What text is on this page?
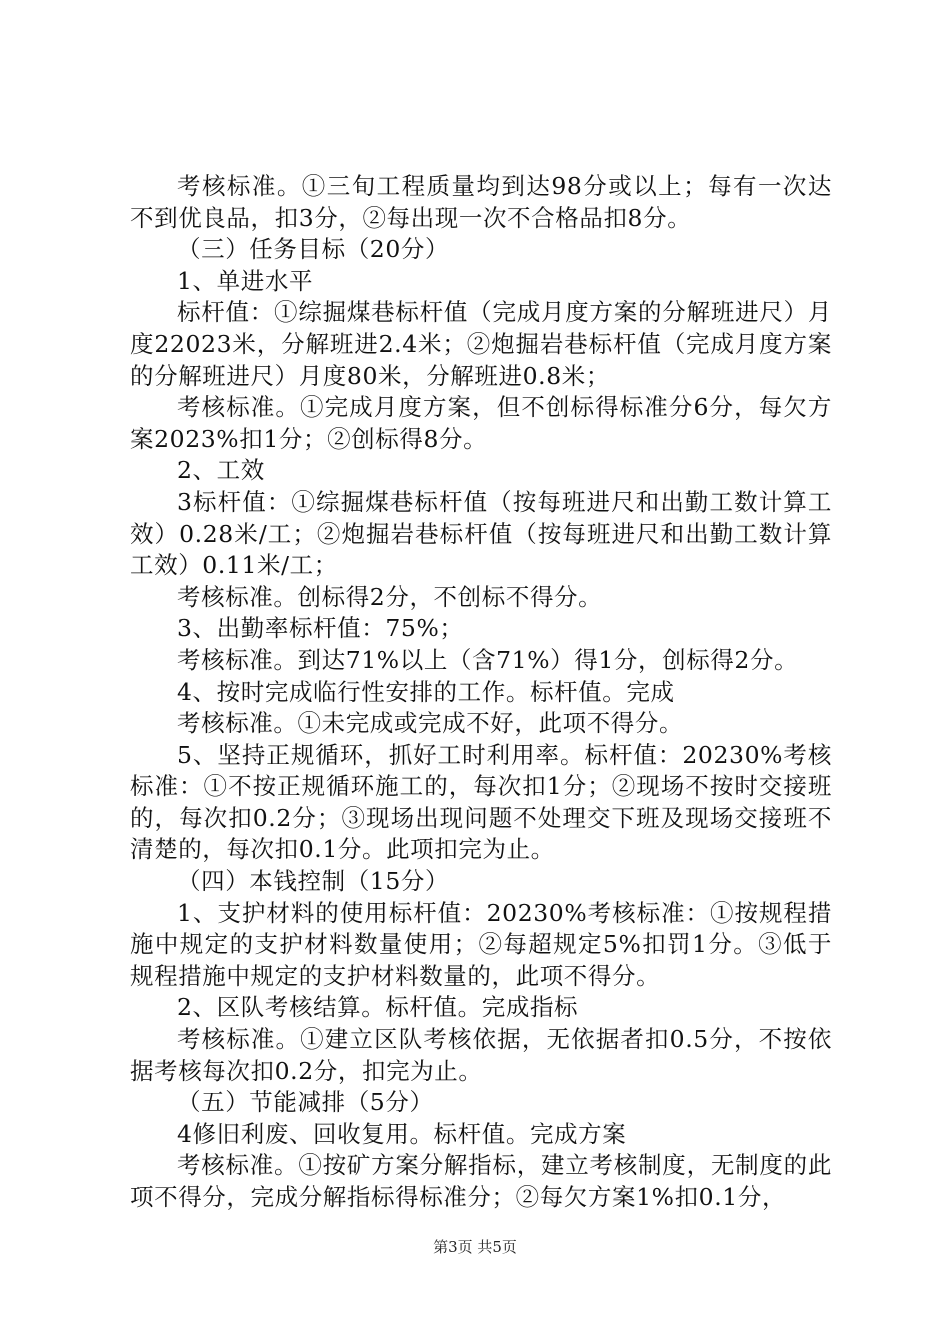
考核标准。①三旬工程质量均到达98分或以上；每有一次达不到优良品，扣3分，②每出现一次不合格品扣8分。

（三）任务目标（20分）

1、单进水平

标杆值：①综掘煤巷标杆值（完成月度方案的分解班进尺）月度22023米，分解班进2.4米；②炮掘岩巷标杆值（完成月度方案的分解班进尺）月度80米，分解班进0.8米；

考核标准。①完成月度方案，但不创标得标准分6分，每欠方案2023%扣1分；②创标得8分。

2、工效

3标杆值：①综掘煤巷标杆值（按每班进尺和出勤工数计算工效）0.28米/工；②炮掘岩巷标杆值（按每班进尺和出勤工数计算工效）0.11米/工；

考核标准。创标得2分，不创标不得分。

3、出勤率标杆值：75%；

考核标准。到达71%以上（含71%）得1分，创标得2分。

4、按时完成临行性安排的工作。标杆值。完成

考核标准。①未完成或完成不好，此项不得分。

5、坚持正规循环，抓好工时利用率。标杆值：20230%考核标准：①不按正规循环施工的，每次扣1分；②现场不按时交接班的，每次扣0.2分；③现场出现问题不处理交下班及现场交接班不清楚的，每次扣0.1分。此项扣完为止。

（四）本钱控制（15分）

1、支护材料的使用标杆值：20230%考核标准：①按规程措施中规定的支护材料数量使用；②每超规定5%扣罚1分。③低于规程措施中规定的支护材料数量的，此项不得分。

2、区队考核结算。标杆值。完成指标

考核标准。①建立区队考核依据，无依据者扣0.5分，不按依据考核每次扣0.2分，扣完为止。

（五）节能减排（5分）

4修旧利废、回收复用。标杆值。完成方案

考核标准。①按矿方案分解指标，建立考核制度，无制度的此项不得分，完成分解指标得标准分；②每欠方案1%扣0.1分，

第3页 共5页
